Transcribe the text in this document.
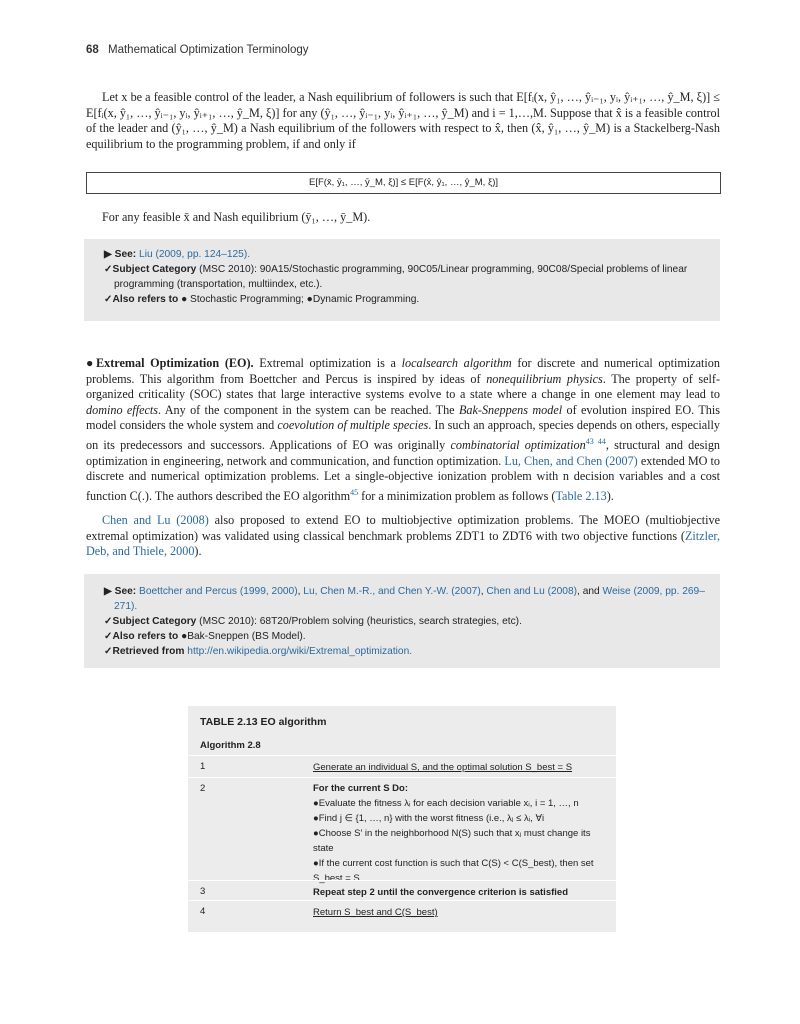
68 Mathematical Optimization Terminology

Let x be a feasible control of the leader, a Nash equilibrium of followers is such that E[fᵢ(x, ŷ₁, …, ŷᵢ₋₁, yᵢ, ŷᵢ₊₁, …, ŷ_M, ξ)] ≤ E[fᵢ(x, ŷ₁, …, ŷᵢ₋₁, yᵢ, ŷᵢ₊₁, …, ŷ_M, ξ)] for any (ŷ₁, …, ŷᵢ₋₁, yᵢ, ŷᵢ₊₁, …, ŷ_M) and i = 1,…,M. Suppose that x̂ is a feasible control of the leader and (ŷ₁, …, ŷ_M) a Nash equilibrium of the followers with respect to x̂, then (x̂, ŷ₁, …, ŷ_M) is a Stackelberg-Nash equilibrium to the programming problem, if and only if

E[F(x̄, ȳ₁, …, ȳ_M, ξ)] ≤ E[F(x̂, ŷ₁, …, ŷ_M, ξ)]

For any feasible x̄ and Nash equilibrium (ȳ₁, …, ȳ_M).

▶ See: Liu (2009, pp. 124–125).

✓Subject Category (MSC 2010): 90A15/Stochastic programming, 90C05/Linear programming, 90C08/Special problems of linear programming (transportation, multiindex, etc.).

✓Also refers to ● Stochastic Programming; ●Dynamic Programming.

●Extremal Optimization (EO). Extremal optimization is a localsearch algorithm for discrete and numerical optimization problems. This algorithm from Boettcher and Percus is inspired by ideas of nonequilibrium physics. The property of self-organized criticality (SOC) states that large interactive systems evolve to a state where a change in one element may lead to domino effects. Any of the component in the system can be reached. The Bak-Sneppens model of evolution inspired EO. This model considers the whole system and coevolution of multiple species. In such an approach, species depends on others, especially on its predecessors and successors. Applications of EO was originally combinatorial optimization$^{43 44}$, structural and design optimization in engineering, network and communication, and function optimization. Lu, Chen, and Chen (2007) extended MO to discrete and numerical optimization problems. Let a single-objective ionization problem with n decision variables and a cost function C(.). The authors described the EO algorithm$^{45}$ for a minimization problem as follows (Table 2.13).

Chen and Lu (2008) also proposed to extend EO to multiobjective optimization problems. The MOEO (multiobjective extremal optimization) was validated using classical benchmark problems ZDT1 to ZDT6 with two objective functions (Zitzler, Deb, and Thiele, 2000).

▶ See: Boettcher and Percus (1999, 2000), Lu, Chen M.-R., and Chen Y.-W. (2007), Chen and Lu (2008), and Weise (2009, pp. 269–271).

✓Subject Category (MSC 2010): 68T20/Problem solving (heuristics, search strategies, etc).

✓Also refers to ●Bak-Sneppen (BS Model).

✓Retrieved from http://en.wikipedia.org/wiki/Extremal_optimization.

TABLE 2.13 EO algorithm
Algorithm 2.8
1	Generate an individual S, and the optimal solution S_best = S
2	For the current S Do:
●Evaluate the fitness λᵢ for each decision variable xᵢ, i = 1, …, n
●Find j ∈ {1, …, n} with the worst fitness (i.e., λⱼ ≤ λᵢ, ∀i
●Choose S′ in the neighborhood N(S) such that xⱼ must change its state
●If the current cost function is such that C(S) < C(S_best), then set S_best = S
3	Repeat step 2 until the convergence criterion is satisfied
4	Return S_best and C(S_best)
